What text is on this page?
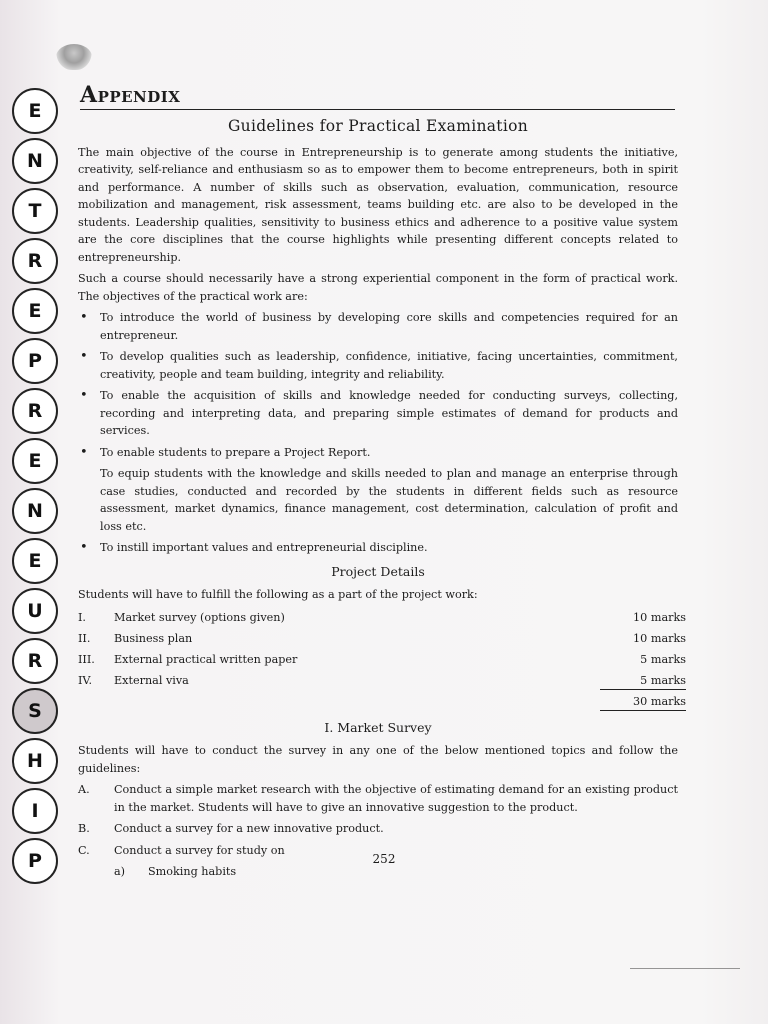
E
N
T
R
E
P
R
E
N
E
U
R
S
H
I
P
Appendix
Guidelines for Practical Examination

The main objective of the course in Entrepreneurship is to generate among students the initiative, creativity, self-reliance and enthusiasm so as to empower them to become entrepreneurs, both in spirit and performance. A number of skills such as observation, evaluation, communication, resource mobilization and management, risk assessment, teams building etc. are also to be developed in the students. Leadership qualities, sensitivity to business ethics and adherence to a positive value system are the core disciplines that the course highlights while presenting different concepts related to entrepreneurship.

Such a course should necessarily have a strong experiential component in the form of practical work. The objectives of the practical work are:

• To introduce the world of business by developing core skills and competencies required for an entrepreneur.
• To develop qualities such as leadership, confidence, initiative, facing uncertainties, commitment, creativity, people and team building, integrity and reliability.
• To enable the acquisition of skills and knowledge needed for conducting surveys, collecting, recording and interpreting data, and preparing simple estimates of demand for products and services.
• To enable students to prepare a Project Report.
To equip students with the knowledge and skills needed to plan and manage an enterprise through case studies, conducted and recorded by the students in different fields such as resource assessment, market dynamics, finance management, cost determination, calculation of profit and loss etc.
• To instill important values and entrepreneurial discipline.
Project Details

Students will have to fulfill the following as a part of the project work:

I.	Market survey (options given)	10 marks
II.	Business plan	10 marks
III.	External practical written paper	5 marks
IV.	External viva	5 marks
30 marks
I. Market Survey

Students will have to conduct the survey in any one of the below mentioned topics and follow the guidelines:

A.	Conduct a simple market research with the objective of estimating demand for an existing product in the market. Students will have to give an innovative suggestion to the product.
B.	Conduct a survey for a new innovative product.
C.	Conduct a survey for study on
a)	Smoking habits
252
